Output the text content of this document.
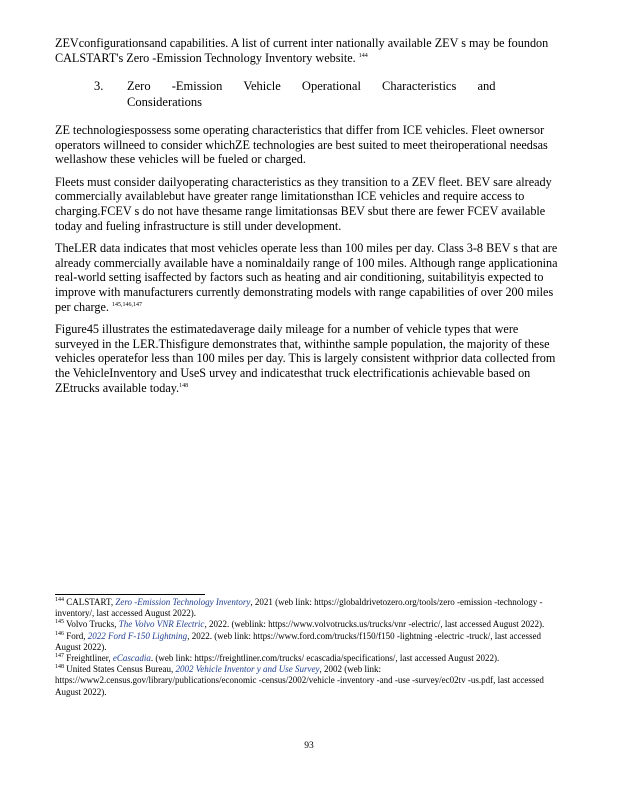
ZEVconfigurationsand capabilities. A list of current inter nationally available ZEV s may be foundon CALSTART's Zero -Emission Technology Inventory website. $^{144}$

3.	Zero -Emission Vehicle Operational Characteristics and Considerations

ZE technologiespossess some operating characteristics that differ from ICE vehicles. Fleet ownersor operators willneed to consider whichZE technologies are best suited to meet theiroperational needsas wellashow these vehicles will be fueled or charged.

Fleets must consider dailyoperating characteristics as they transition to a ZEV fleet. BEV sare already commercially availablebut have greater range limitationsthan ICE vehicles and require access to charging.FCEV s do not have thesame range limitationsas BEV sbut there are fewer FCEV available today and fueling infrastructure is still under development.

TheLER data indicates that most vehicles operate less than 100 miles per day. Class 3-8 BEV s that are already commercially available have a nominaldaily range of 100 miles. Although range applicationina real-world setting isaffected by factors such as heating and air conditioning, suitabilityis expected to improve with manufacturers currently demonstrating models with range capabilities of over 200 miles per charge. $^{145,146,147}$

Figure45 illustrates the estimatedaverage daily mileage for a number of vehicle types that were surveyed in the LER.Thisfigure demonstrates that, withinthe sample population, the majority of these vehicles operatefor less than 100 miles per day. This is largely consistent withprior data collected from the VehicleInventory and UseS urvey and indicatesthat truck electrificationis achievable based on ZEtrucks available today.$^{148}$

$^{144}$ CALSTART, Zero -Emission Technology Inventory, 2021 (web link: https://globaldrivetozero.org/tools/zero -emission -technology -inventory/, last accessed August 2022).

$^{145}$ Volvo Trucks, The Volvo VNR Electric, 2022. (weblink: https://www.volvotrucks.us/trucks/vnr -electric/, last accessed August 2022).

$^{146}$ Ford, 2022 Ford F-150 Lightning, 2022. (web link: https://www.ford.com/trucks/f150/f150 -lightning -electric -truck/, last accessed August 2022).

$^{147}$ Freightliner, eCascadia. (web link: https://freightliner.com/trucks/ ecascadia/specifications/, last accessed August 2022).

$^{148}$ United States Census Bureau, 2002 Vehicle Inventor y and Use Survey, 2002 (web link: https://www2.census.gov/library/publications/economic -census/2002/vehicle -inventory -and -use -survey/ec02tv -us.pdf, last accessed August 2022).

93
